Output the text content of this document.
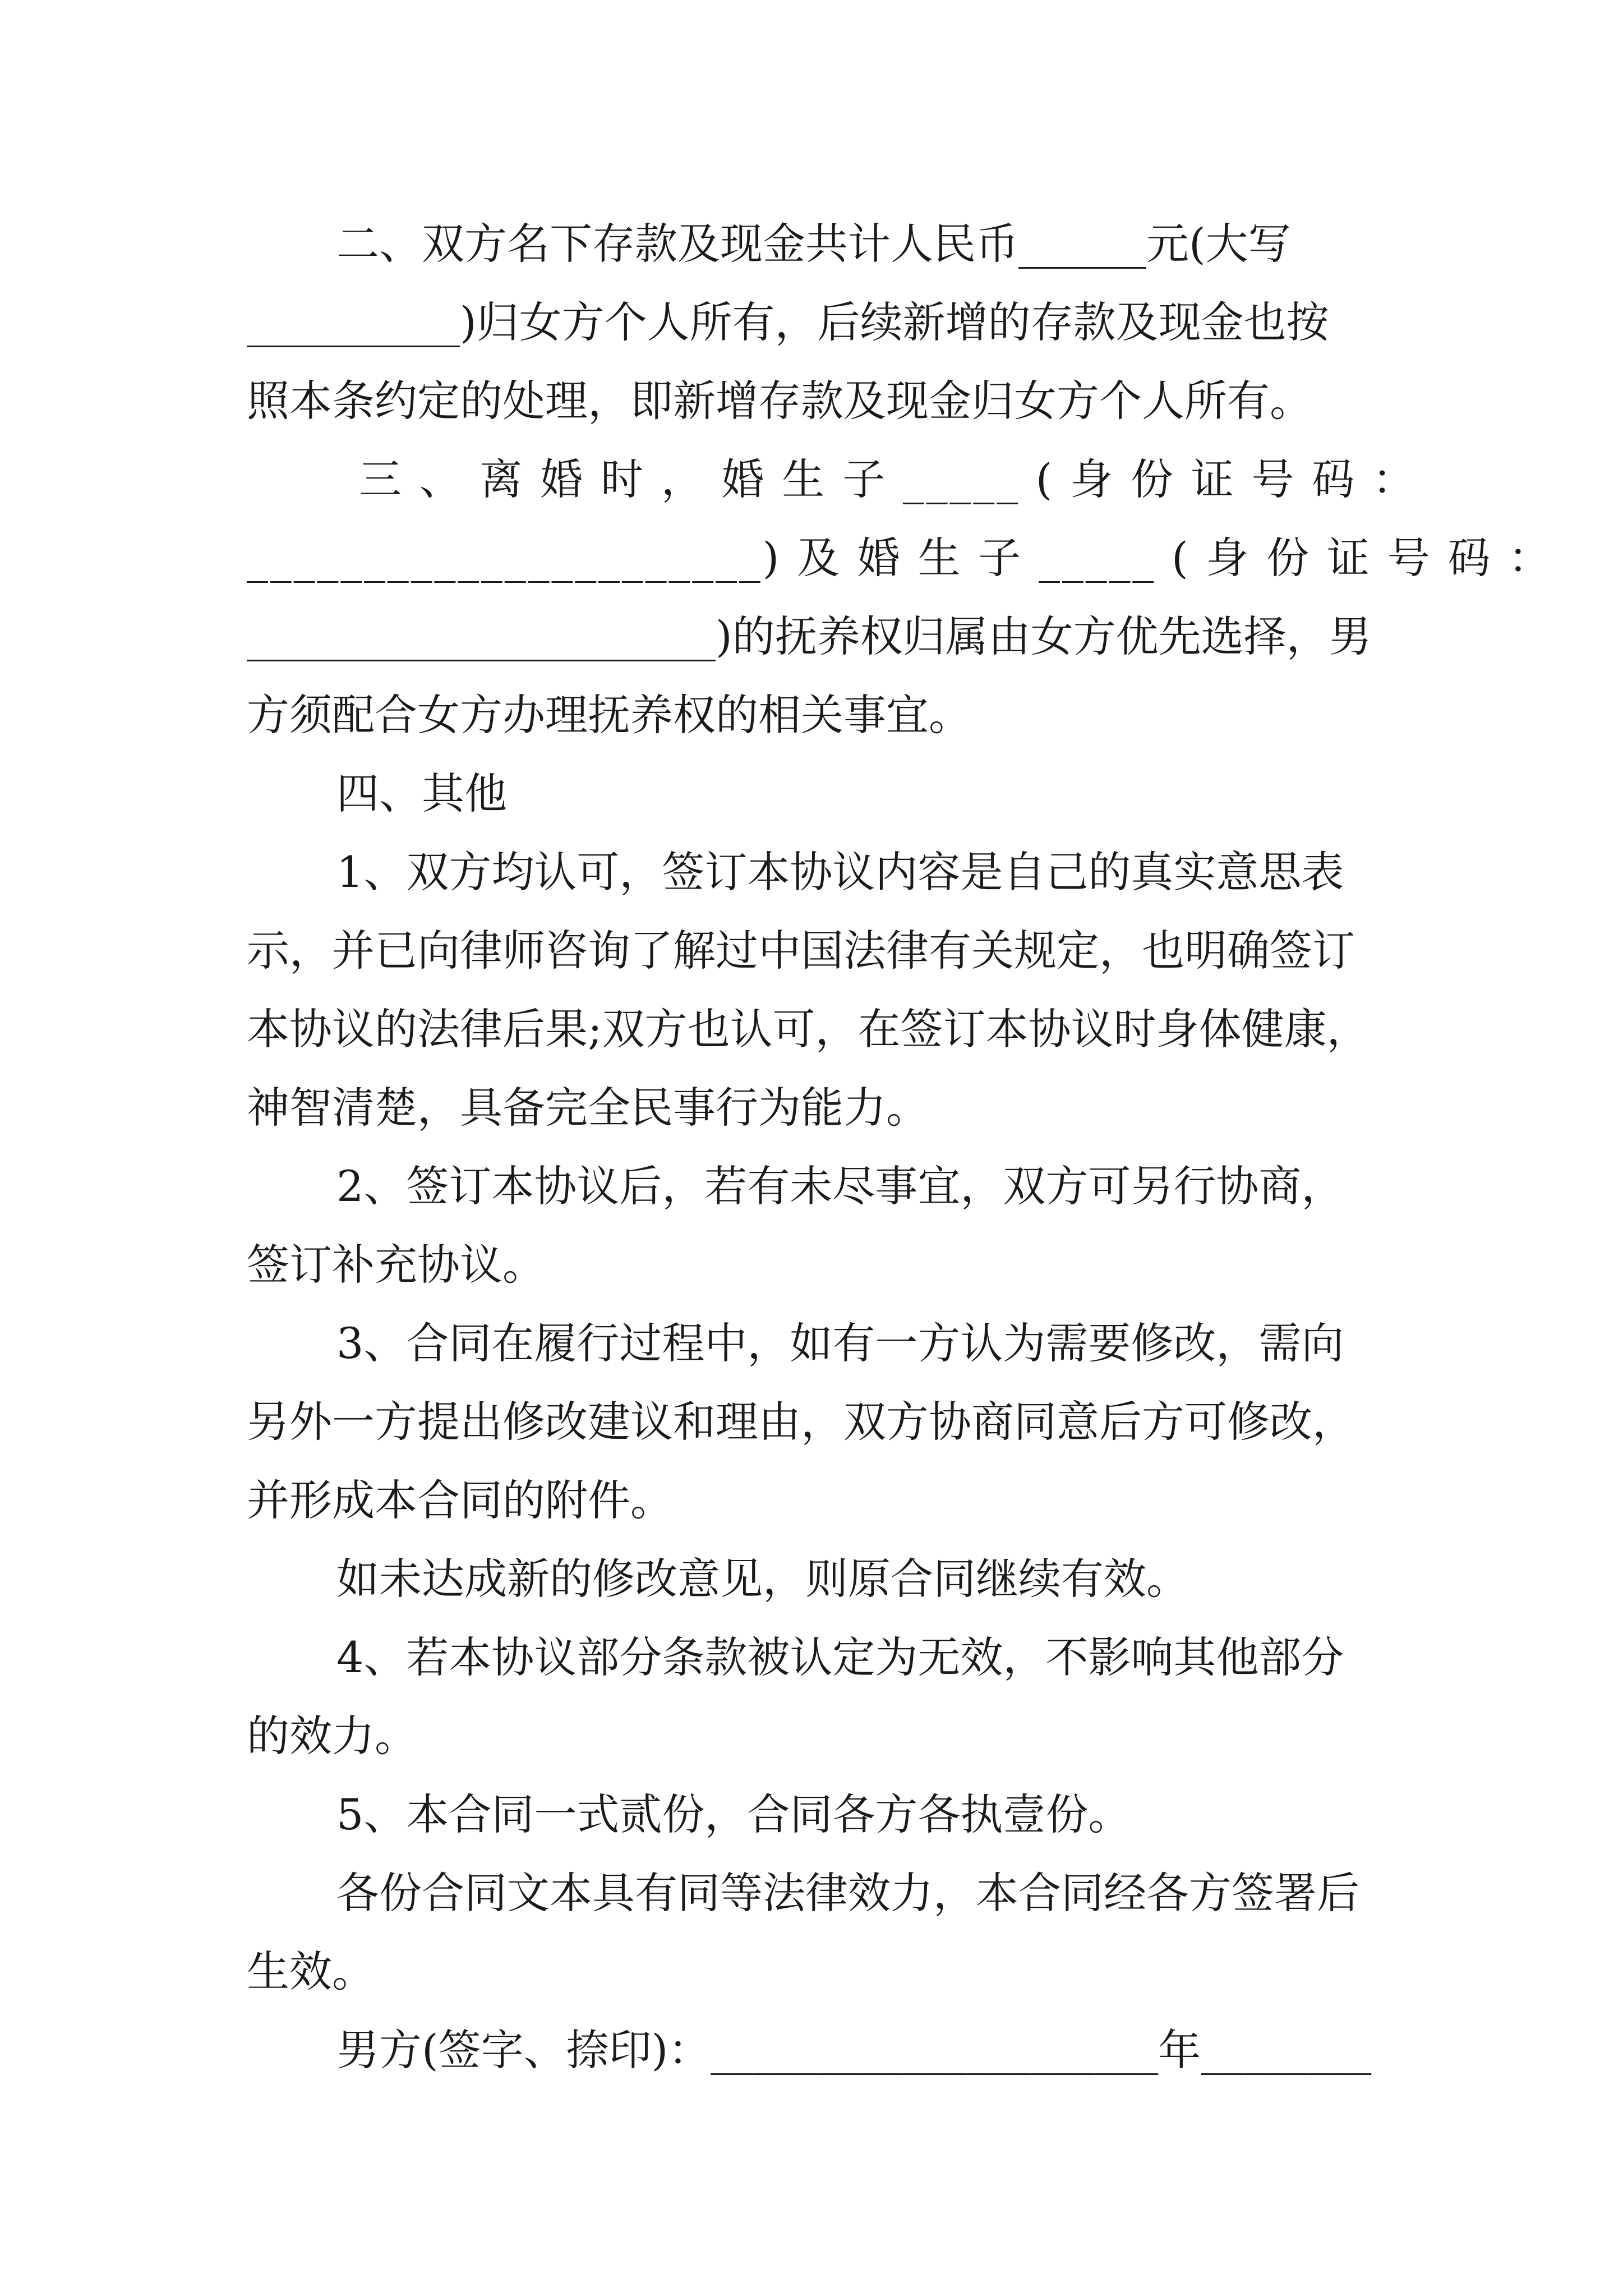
二、双方名下存款及现金共计人民币______元(大写
__________)归女方个人所有，后续新增的存款及现金也按
照本条约定的处理，即新增存款及现金归女方个人所有。
三 、 离 婚 时 ， 婚 生 子 _____ ( 身 份 证 号 码 ：
______________________) 及 婚 生 子 _____ ( 身 份 证 号 码 ：
______________________)的抚养权归属由女方优先选择，男
方须配合女方办理抚养权的相关事宜。
四、其他
1、双方均认可，签订本协议内容是自己的真实意思表
示，并已向律师咨询了解过中国法律有关规定，也明确签订
本协议的法律后果;双方也认可，在签订本协议时身体健康，
神智清楚，具备完全民事行为能力。
2、签订本协议后，若有未尽事宜，双方可另行协商，
签订补充协议。
3、合同在履行过程中，如有一方认为需要修改，需向
另外一方提出修改建议和理由，双方协商同意后方可修改，
并形成本合同的附件。
如未达成新的修改意见，则原合同继续有效。
4、若本协议部分条款被认定为无效，不影响其他部分
的效力。
5、本合同一式贰份，合同各方各执壹份。
各份合同文本具有同等法律效力，本合同经各方签署后
生效。
男方(签字、捺印)：_____________________年________
